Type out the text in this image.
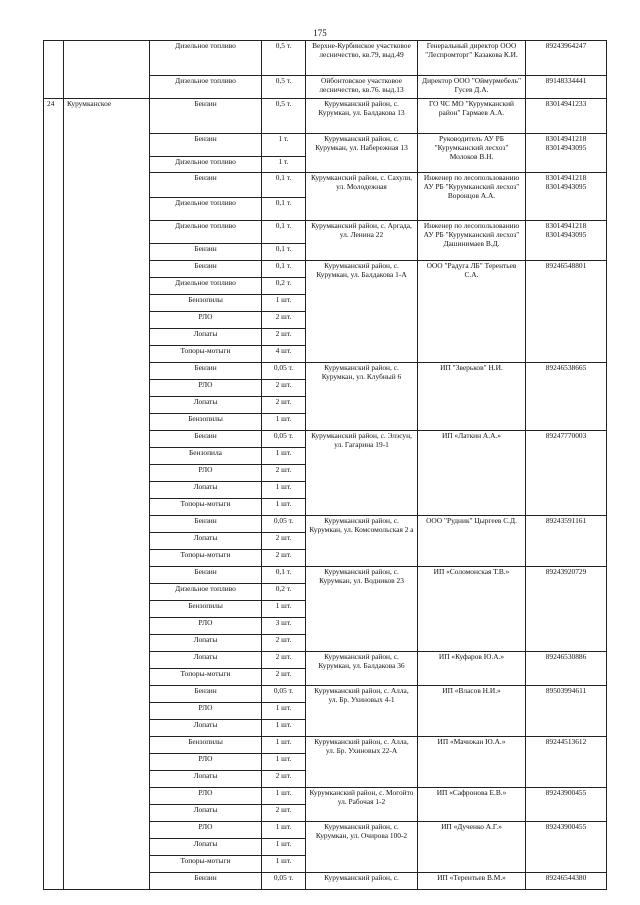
175
		Дизельное топливо	0,5 т.	Верхне-Курбинское участковое лесничество, кв.79, выд.49	Генеральный директор ООО "Леспромторг" Казакова К.И.	89243964247
		Дизельное топливо	0,5 т.	Ойбонтовское участковое лесничество, кв.76. выд.13	Директор ООО "Оймурмебель" Гусев Д.А.	89148334441
24	Курумканское	Бензин	0,5 т.	Курумканский район, с. Курумкан, ул. Балдакова 13	ГО ЧС МО "Курумканский район" Гармаев А.А.	83014941233
		Бензин	1 т.	Курумканский район, с. Курумкан, ул. Набережная 13	Руководитель АУ РБ "Курумканский лесхоз" Молоков В.Н.	83014941218 83014943095
		Дизельное топливо	1 т.			
		Бензин	0,1 т.	Курумканский район, с. Сахули, ул. Молодежная	Инженер по лесопользованию АУ РБ "Курумканский лесхоз" Воронцов А.А.	83014941218 83014943095
		Дизельное топливо	0,1 т.			
		Дизельное топливо	0,1 т.	Курумканский район, с. Аргада, ул. Ленина 22	Инженер по лесопользованию АУ РБ "Курумканский лесхоз" Дашинимаев В.Д.	83014941218 83014943095
		Бензин	0,1 т.			
		Бензин	0,1 т.	Курумканский район, с. Курумкан, ул. Балдакова 1-А	ООО "Радуга ЛБ" Терентьев С.А.	89246548801
		Дизельное топливо	0,2 т.			
		Бензопилы	1 шт.			
		РЛО	2 шт.			
		Лопаты	2 шт.			
		Топоры-мотыги	4 шт.			
		Бензин	0,05 т.	Курумканский район, с. Курумкан, ул. Клубный 6	ИП "Зверьков" Н.И.	89246538665
		РЛО	2 шт.			
		Лопаты	2 шт.			
		Бензопилы	1 шт.			
		Бензин	0,05 т.	Курумканский район, с. Элэсун, ул. Гагарина 19-1	ИП «Латкин А.А.»	89247770003
		Бензопила	1 шт.			
		РЛО	2 шт.			
		Лопаты	1 шт.			
		Топоры-мотыги	1 шт.			
		Бензин	0,05 т.	Курумканский район, с. Курумкан, ул. Комсомольская 2 а	ООО "Рудник" Цыргеев С.Д.	89243591161
		Лопаты	2 шт.			
		Топоры-мотыги	2 шт.			
		Бензин	0,1 т.	Курумканский район, с. Курумкан, ул. Водников 23	ИП «Соломонская Т.В.»	89243920729
		Дизельное топливо	0,2 т.			
		Бензопилы	1 шт.			
		РЛО	3 шт.			
		Лопаты	2 шт.			
		Лопаты	2 шт.	Курумканский район, с. Курумкан, ул. Балдакова 36	ИП «Куфаров Ю.А.»	89246530886
		Топоры-мотыги	2 шт.			
		Бензин	0,05 т.	Курумканский район, с. Алла, ул. Бр. Ухиновых 4-1	ИП «Власов Н.И.»	89503994611
		РЛО	1 шт.			
		Лопаты	1 шт.			
		Бензопилы	1 шт.	Курумканский район, с. Алла, ул. Бр. Ухиновых 22-А	ИП «Мачижан Ю.А.»	89244513612
		РЛО	1 шт.			
		Лопаты	2 шт.			
		РЛО	1 шт.	Курумканский район, с. Могойто ул. Рабочая 1-2	ИП «Сафронова Е.В.»	89243900455
		Лопаты	2 шт.			
		РЛО	1 шт.	Курумканский район, с. Курумкан, ул. Очирова 100-2	ИП «Дученко А.Г.»	89243900455
		Лопаты	1 шт.			
		Топоры-мотыги	1 шт.			
		Бензин	0,05 т.	Курумканский район, с.	ИП «Терентьев В.М.»	89246544380
